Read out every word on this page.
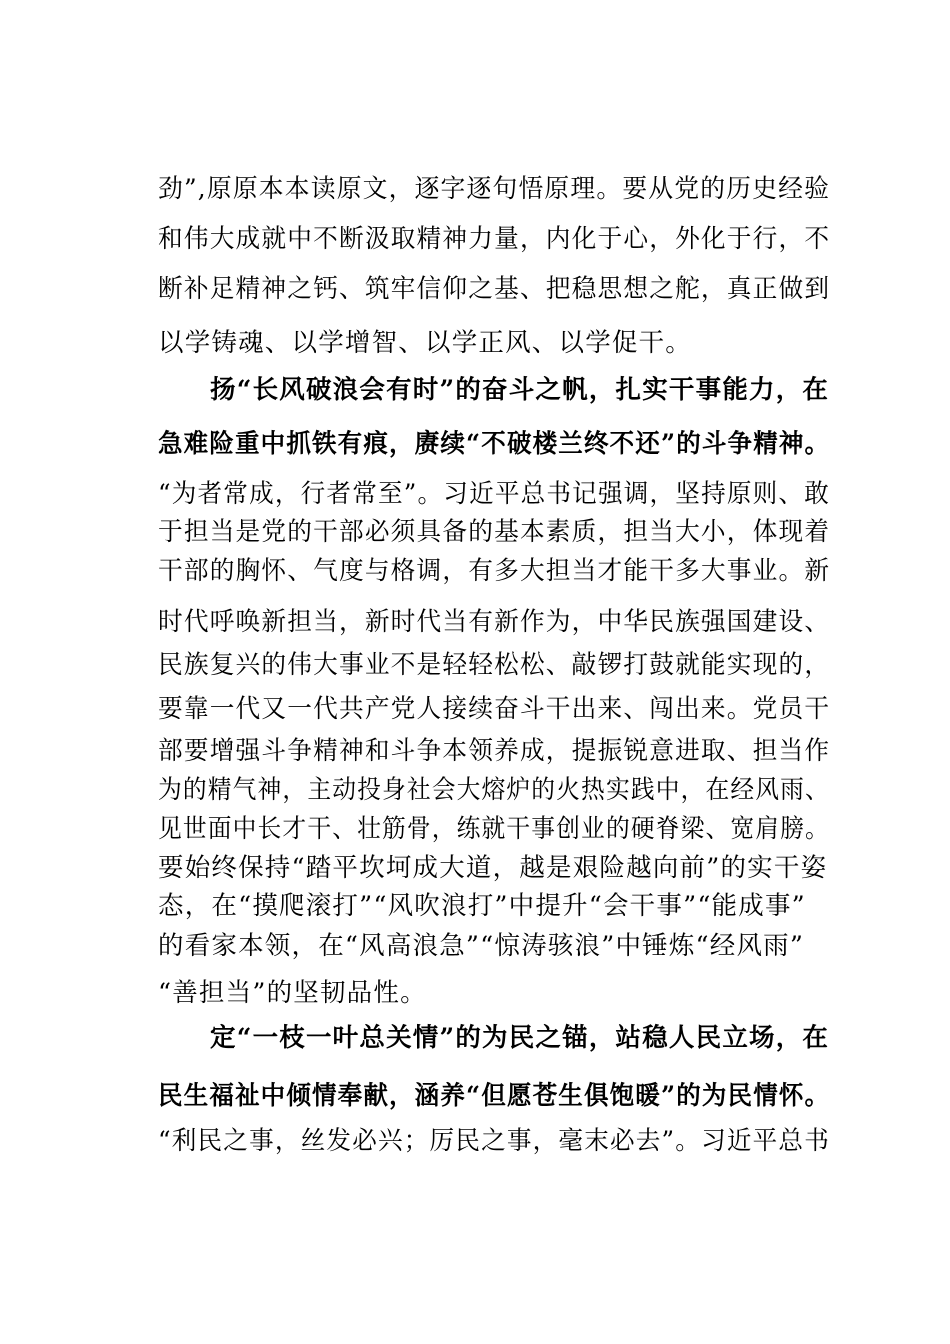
劲”,原原本本读原文，逐字逐句悟原理。要从党的历史经验
和伟大成就中不断汲取精神力量，内化于心，外化于行，不
断补足精神之钙、筑牢信仰之基、把稳思想之舵，真正做到
以学铸魂、以学增智、以学正风、以学促干。
扬“长风破浪会有时”的奋斗之帆，扎实干事能力，在
急难险重中抓铁有痕，赓续“不破楼兰终不还”的斗争精神。
“为者常成，行者常至”。习近平总书记强调，坚持原则、敢
于担当是党的干部必须具备的基本素质，担当大小，体现着
干部的胸怀、气度与格调，有多大担当才能干多大事业。新
时代呼唤新担当，新时代当有新作为，中华民族强国建设、
民族复兴的伟大事业不是轻轻松松、敲锣打鼓就能实现的，
要靠一代又一代共产党人接续奋斗干出来、闯出来。党员干
部要增强斗争精神和斗争本领养成，提振锐意进取、担当作
为的精气神，主动投身社会大熔炉的火热实践中，在经风雨、
见世面中长才干、壮筋骨，练就干事创业的硬脊梁、宽肩膀。
要始终保持“踏平坎坷成大道，越是艰险越向前”的实干姿
态，在“摸爬滚打”“风吹浪打”中提升“会干事”“能成事”
的看家本领，在“风高浪急”“惊涛骇浪”中锤炼“经风雨”
“善担当”的坚韧品性。
定“一枝一叶总关情”的为民之锚，站稳人民立场，在
民生福祉中倾情奉献，涵养“但愿苍生俱饱暖”的为民情怀。
“利民之事，丝发必兴；厉民之事，毫末必去”。习近平总书
